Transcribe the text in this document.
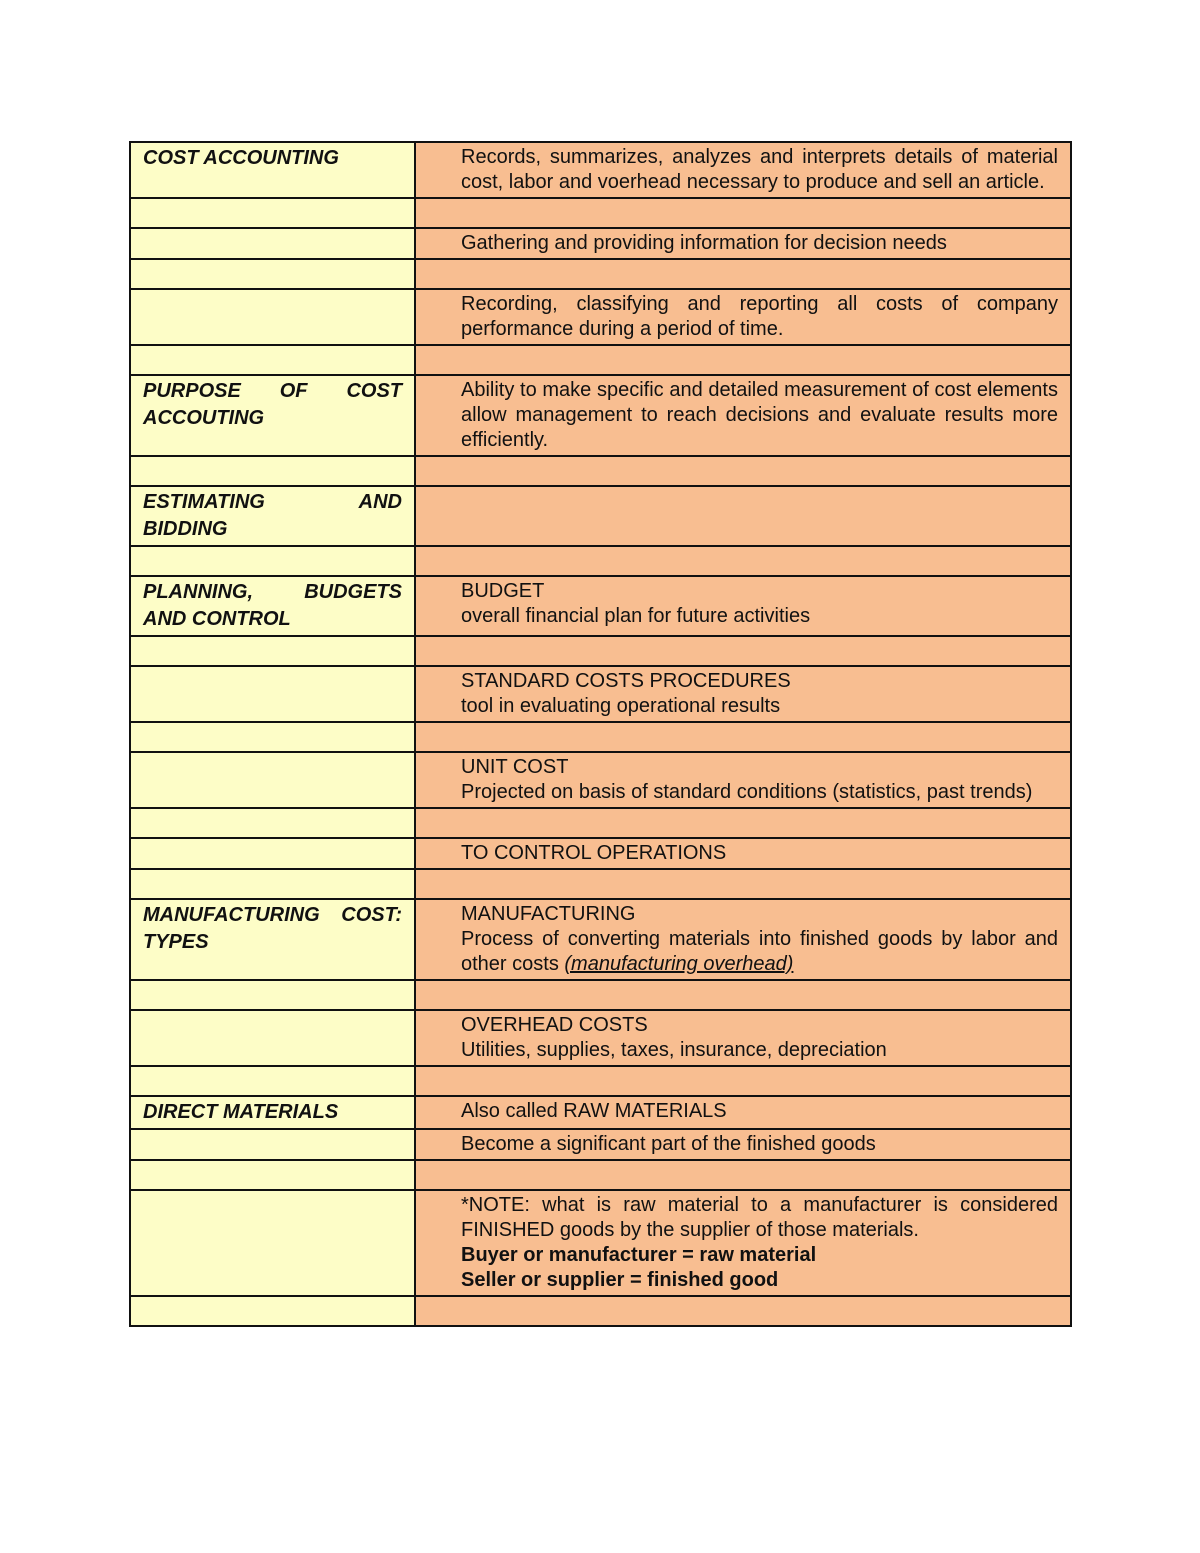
COST ACCOUNTING	Records, summarizes, analyzes and interprets details of material cost, labor and voerhead necessary to produce and sell an article.

	Gathering and providing information for decision needs

	Recording, classifying and reporting all costs of company performance during a period of time.

PURPOSE OF COST ACCOUTING	Ability to make specific and detailed measurement of cost elements allow management to reach decisions and evaluate results more efficiently.

ESTIMATING AND BIDDING	

PLANNING, BUDGETS AND CONTROL	BUDGET
overall financial plan for future activities

	STANDARD COSTS PROCEDURES
tool in evaluating operational results

	UNIT COST
Projected on basis of standard conditions (statistics, past trends)

	TO CONTROL OPERATIONS

MANUFACTURING COST: TYPES	MANUFACTURING
Process of converting materials into finished goods by labor and other costs (manufacturing overhead)

	OVERHEAD COSTS
Utilities, supplies, taxes, insurance, depreciation

DIRECT MATERIALS	Also called RAW MATERIALS

	Become a significant part of the finished goods

	*NOTE: what is raw material to a manufacturer is considered FINISHED goods by the supplier of those materials.
Buyer or manufacturer = raw material
Seller or supplier = finished good
